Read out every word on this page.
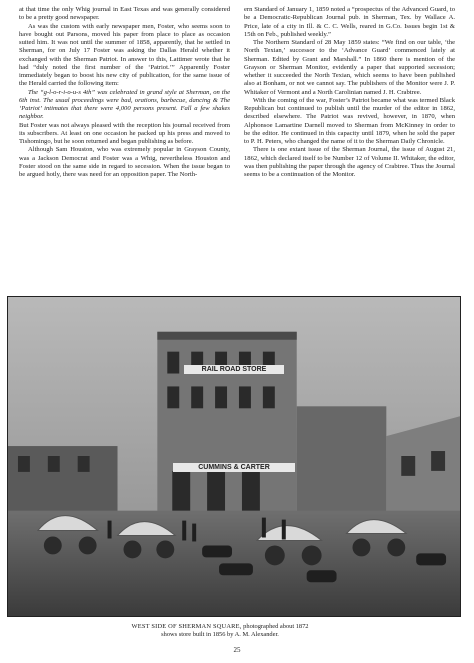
at that time the only Whig journal in East Texas and was generally considered to be a pretty good newspaper.

As was the custom with early newspaper men, Foster, who seems soon to have bought out Parsons, moved his paper from place to place as occasion suited him. It was not until the summer of 1858, apparently, that he settled in Sherman, for on July 17 Foster was asking the Dallas Herald whether it exchanged with the Sherman Patriot. In answer to this, Lattimer wrote that he had “duly noted the first number of the ‘Patriot.’” Apparently Foster immediately began to boost his new city of publication, for the same issue of the Herald carried the following item:

The “g-l-o-r-i-o-u-s 4th” was celebrated in grand style at Sherman, on the 6th inst. The usual proceedings were bad, orations, barbecue, dancing & The ‘Patriot’ intimates that there were 4,000 persons present. Fall a few shakes neighbor.

But Foster was not always pleased with the reception his journal received from its subscribers. At least on one occasion he packed up his press and moved to Tishomingo, but he soon returned and began publishing as before.

Although Sam Houston, who was extremely popular in Grayson County, was a Jackson Democrat and Foster was a Whig, nevertheless Houston and Foster stood on the same side in regard to secession. When the issue began to be argued hotly, there was need for an opposition paper. The North-

ern Standard of January 1, 1859 noted a “prospectus of the Advanced Guard, to be a Democratic-Republican Journal pub. in Sherman, Tex. by Wallace A. Price, late of a city in Ill. & C. C. Wells, reared in G.Co. Issues begin 1st & 15th on Feb., published weekly.”

The Northern Standard of 28 May 1859 states: “We find on our table, ‘the North Texian,’ successor to the ‘Advance Guard’ commenced lately at Sherman. Edited by Grant and Marshall.” In 1860 there is mention of the Grayson or Sherman Monitor, evidently a paper that supported secession; whether it succeeded the North Texian, which seems to have been published also at Bonham, or not we cannot say. The publishers of the Monitor were J. P. Whitaker of Vermont and a North Carolinian named J. H. Crabtree.

With the coming of the war, Foster’s Patriot became what was termed Black Republican but continued to publish until the murder of the editor in 1862, described elsewhere. The Patriot was revived, however, in 1870, when Alphonsoe Lamartine Darnell moved to Sherman from McKinney in order to be the editor. He continued in this capacity until 1879, when he sold the paper to P. H. Peters, who changed the name of it to the Sherman Daily Chronicle.

There is one extant issue of the Sherman Journal, the issue of August 21, 1862, which declared itself to be Number 12 of Volume II. Whitaker, the editor, was then publishing the paper through the agency of Crabtree. Thus the Journal seems to be a continuation of the Monitor.

RAIL ROAD STORE
CUMMINS & CARTER
WEST SIDE OF SHERMAN SQUARE, photographed about 1872
shows store built in 1856 by A. M. Alexander.
25
